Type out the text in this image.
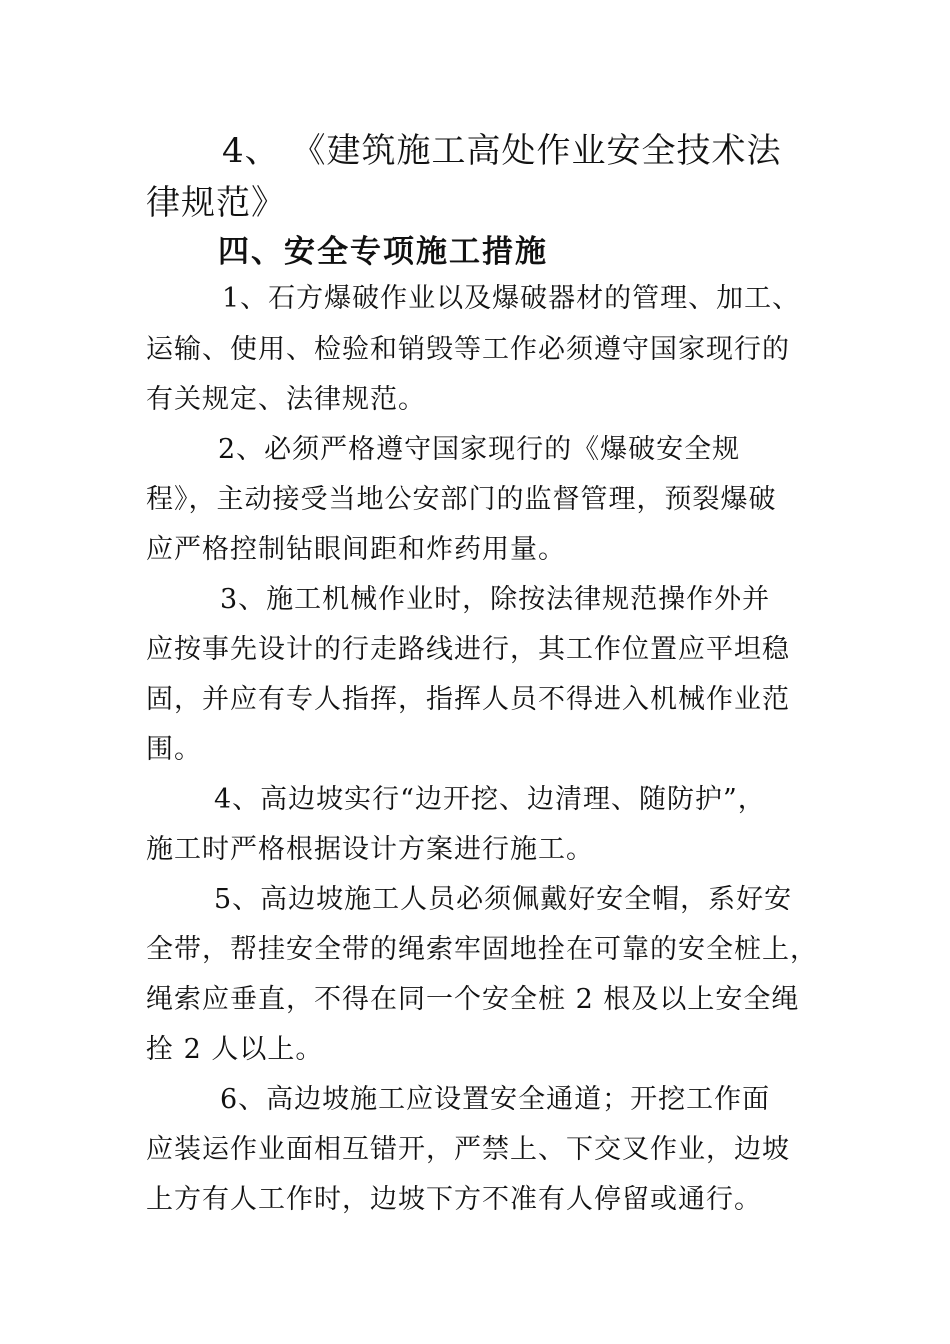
4、 《建筑施工高处作业安全技术法
律规范》
四、安全专项施工措施
1、石方爆破作业以及爆破器材的管理、加工、
运输、使用、检验和销毁等工作必须遵守国家现行的
有关规定、法律规范。
2、必须严格遵守国家现行的《爆破安全规
程》，主动接受当地公安部门的监督管理，预裂爆破
应严格控制钻眼间距和炸药用量。
3、施工机械作业时，除按法律规范操作外并
应按事先设计的行走路线进行，其工作位置应平坦稳
固，并应有专人指挥，指挥人员不得进入机械作业范
围。
4、高边坡实行“边开挖、边清理、随防护”，
施工时严格根据设计方案进行施工。
5、高边坡施工人员必须佩戴好安全帽，系好安
全带，帮挂安全带的绳索牢固地拴在可靠的安全桩上，
绳索应垂直，不得在同一个安全桩 2 根及以上安全绳
拴 2 人以上。
6、高边坡施工应设置安全通道；开挖工作面
应装运作业面相互错开，严禁上、下交叉作业，边坡
上方有人工作时，边坡下方不准有人停留或通行。
